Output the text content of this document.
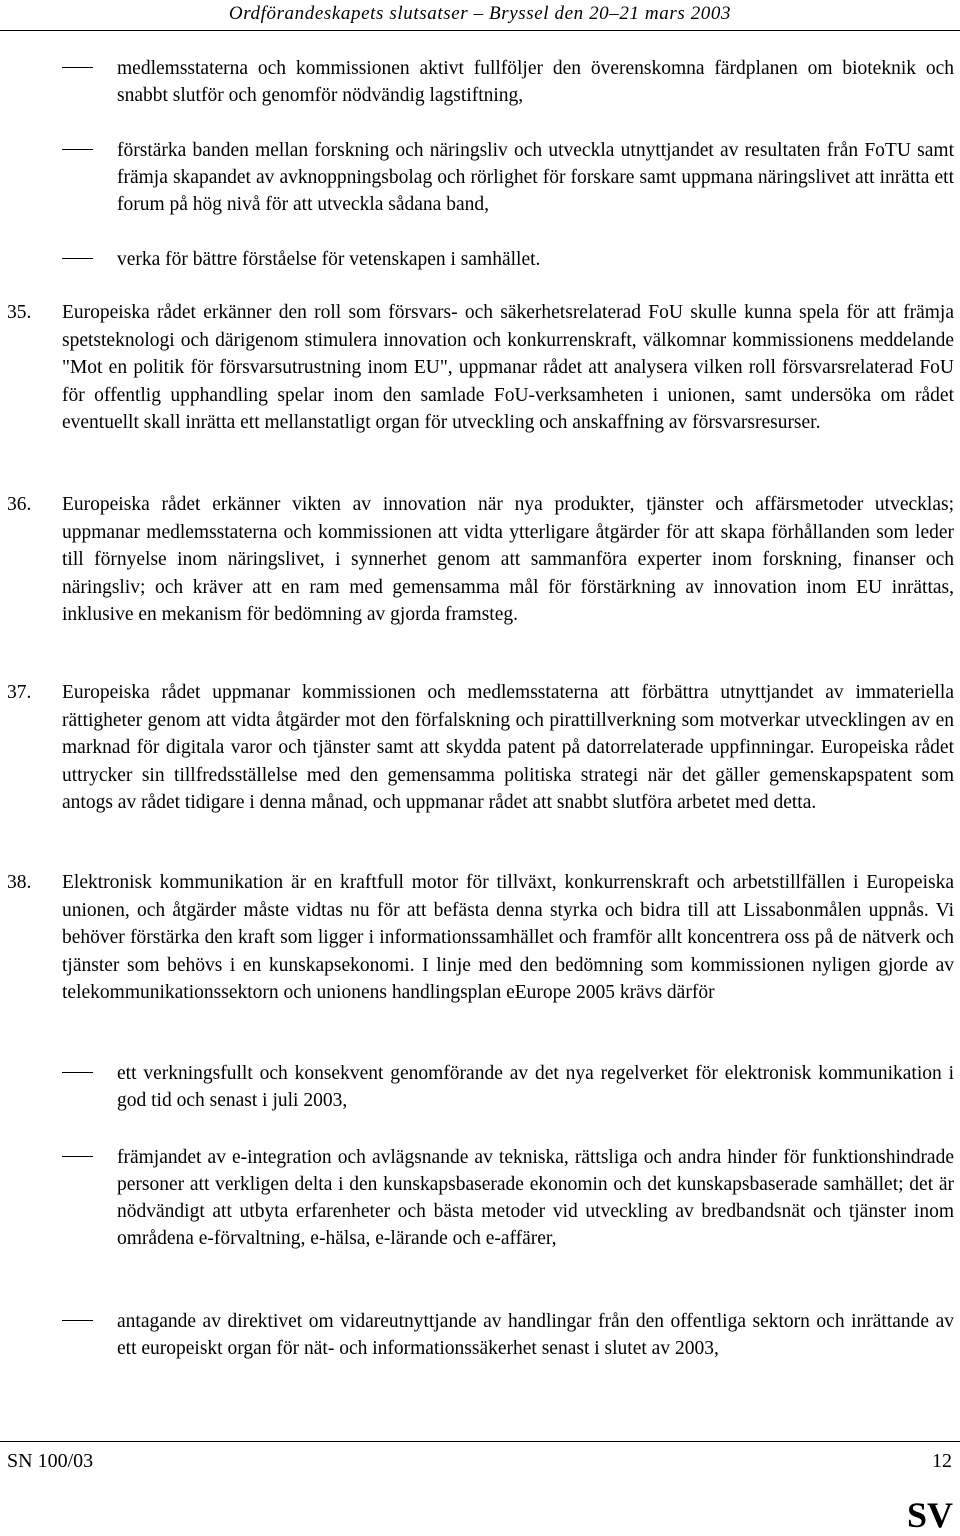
Ordförandeskapets slutsatser – Bryssel den 20–21 mars 2003
medlemsstaterna och kommissionen aktivt fullföljer den överenskomna färdplanen om bioteknik och snabbt slutför och genomför nödvändig lagstiftning,
förstärka banden mellan forskning och näringsliv och utveckla utnyttjandet av resultaten från FoTU samt främja skapandet av avknoppningsbolag och rörlighet för forskare samt uppmana näringslivet att inrätta ett forum på hög nivå för att utveckla sådana band,
verka för bättre förståelse för vetenskapen i samhället.
35. Europeiska rådet erkänner den roll som försvars- och säkerhetsrelaterad FoU skulle kunna spela för att främja spetsteknologi och därigenom stimulera innovation och konkurrenskraft, välkomnar kommissionens meddelande "Mot en politik för försvarsutrustning inom EU", uppmanar rådet att analysera vilken roll försvarsrelaterad FoU för offentlig upphandling spelar inom den samlade FoU-verksamheten i unionen, samt undersöka om rådet eventuellt skall inrätta ett mellanstatligt organ för utveckling och anskaffning av försvarsresurser.
36. Europeiska rådet erkänner vikten av innovation när nya produkter, tjänster och affärsmetoder utvecklas; uppmanar medlemsstaterna och kommissionen att vidta ytterligare åtgärder för att skapa förhållanden som leder till förnyelse inom näringslivet, i synnerhet genom att sammanföra experter inom forskning, finanser och näringsliv; och kräver att en ram med gemensamma mål för förstärkning av innovation inom EU inrättas, inklusive en mekanism för bedömning av gjorda framsteg.
37. Europeiska rådet uppmanar kommissionen och medlemsstaterna att förbättra utnyttjandet av immateriella rättigheter genom att vidta åtgärder mot den förfalskning och pirattillverkning som motverkar utvecklingen av en marknad för digitala varor och tjänster samt att skydda patent på datorrelaterade uppfinningar. Europeiska rådet uttrycker sin tillfredsställelse med den gemensamma politiska strategi när det gäller gemenskapspatent som antogs av rådet tidigare i denna månad, och uppmanar rådet att snabbt slutföra arbetet med detta.
38. Elektronisk kommunikation är en kraftfull motor för tillväxt, konkurrenskraft och arbetstillfällen i Europeiska unionen, och åtgärder måste vidtas nu för att befästa denna styrka och bidra till att Lissabonmålen uppnås. Vi behöver förstärka den kraft som ligger i informationssamhället och framför allt koncentrera oss på de nätverk och tjänster som behövs i en kunskapsekonomi. I linje med den bedömning som kommissionen nyligen gjorde av telekommunikationssektorn och unionens handlingsplan eEurope 2005 krävs därför
ett verkningsfullt och konsekvent genomförande av det nya regelverket för elektronisk kommunikation i god tid och senast i juli 2003,
främjandet av e-integration och avlägsnande av tekniska, rättsliga och andra hinder för funktionshindrade personer att verkligen delta i den kunskapsbaserade ekonomin och det kunskapsbaserade samhället; det är nödvändigt att utbyta erfarenheter och bästa metoder vid utveckling av bredbandsnät och tjänster inom områdena e-förvaltning, e-hälsa, e-lärande och e-affärer,
antagande av direktivet om vidareutnyttjande av handlingar från den offentliga sektorn och inrättande av ett europeiskt organ för nät- och informationssäkerhet senast i slutet av 2003,
SN 100/03	12
SV
